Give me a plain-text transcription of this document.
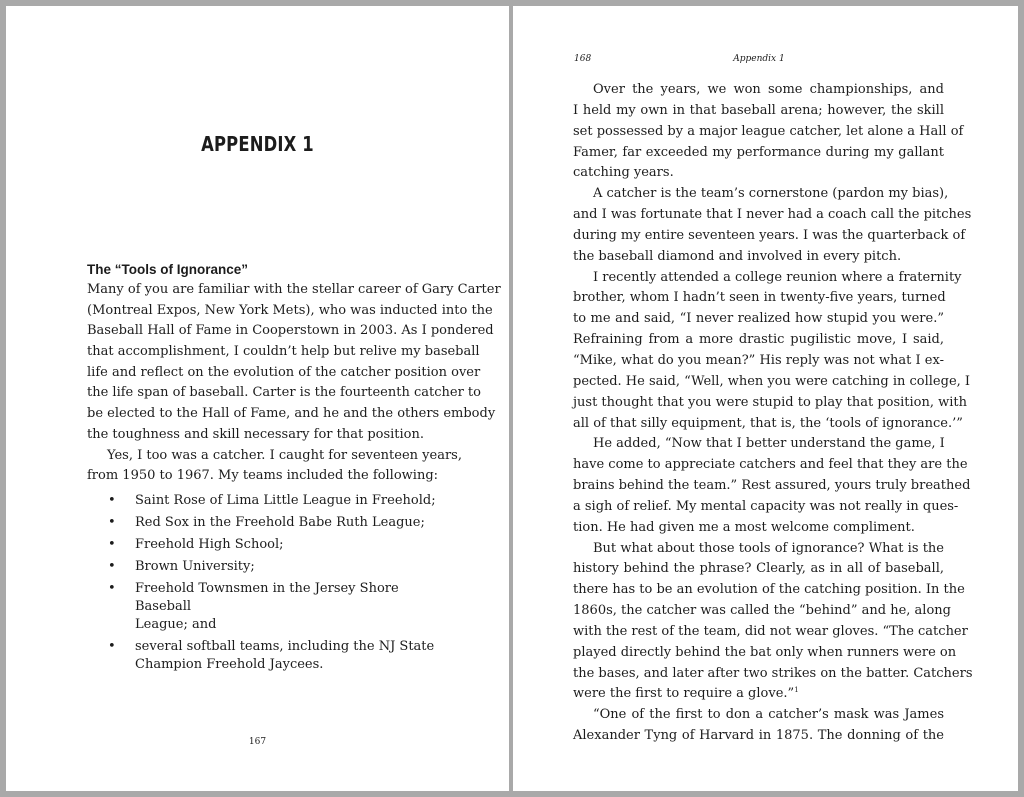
APPENDIX 1
The “Tools of Ignorance”
Many of you are familiar with the stellar career of Gary Carter
(Montreal Expos, New York Mets), who was inducted into the
Baseball Hall of Fame in Cooperstown in 2003. As I pondered
that accomplishment, I couldn’t help but relive my baseball
life and reflect on the evolution of the catcher position over
the life span of baseball. Carter is the fourteenth catcher to
be elected to the Hall of Fame, and he and the others embody
the toughness and skill necessary for that position.
Yes, I too was a catcher. I caught for seventeen years,
from 1950 to 1967. My teams included the following:
• Saint Rose of Lima Little League in Freehold;
• Red Sox in the Freehold Babe Ruth League;
• Freehold High School;
• Brown University;
• Freehold Townsmen in the Jersey Shore Baseball
League; and
• several softball teams, including the NJ State
Champion Freehold Jaycees.
167
168	Appendix 1
Over the years, we won some championships, and
I held my own in that baseball arena; however, the skill
set possessed by a major league catcher, let alone a Hall of
Famer, far exceeded my performance during my gallant
catching years.
A catcher is the team’s cornerstone (pardon my bias),
and I was fortunate that I never had a coach call the pitches
during my entire seventeen years. I was the quarterback of
the baseball diamond and involved in every pitch.
I recently attended a college reunion where a fraternity
brother, whom I hadn’t seen in twenty-five years, turned
to me and said, “I never realized how stupid you were.”
Refraining from a more drastic pugilistic move, I said,
“Mike, what do you mean?” His reply was not what I ex-
pected. He said, “Well, when you were catching in college, I
just thought that you were stupid to play that position, with
all of that silly equipment, that is, the ‘tools of ignorance.’”
He added, “Now that I better understand the game, I
have come to appreciate catchers and feel that they are the
brains behind the team.” Rest assured, yours truly breathed
a sigh of relief. My mental capacity was not really in ques-
tion. He had given me a most welcome compliment.
But what about those tools of ignorance? What is the
history behind the phrase? Clearly, as in all of baseball,
there has to be an evolution of the catching position. In the
1860s, the catcher was called the “behind” and he, along
with the rest of the team, did not wear gloves. “The catcher
played directly behind the bat only when runners were on
the bases, and later after two strikes on the batter. Catchers
were the first to require a glove.”$^1$
“One of the first to don a catcher’s mask was James
Alexander Tyng of Harvard in 1875. The donning of the
